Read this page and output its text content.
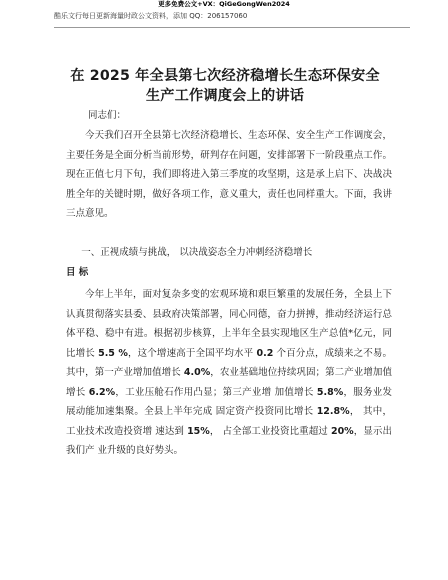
更多免费公文+VX：QiGeGongWen2024
酷乐文行每日更新海量时政公文资料，添加 QQ：206157060
在 2025 年全县第七次经济稳增长生态环保安全
生产工作调度会上的讲话

同志们：

今天我们召开全县第七次经济稳增长、生态环保、安全生产工作调度会，主要任务是全面分析当前形势，研判存在问题，安排部署下一阶段重点工作。现在正值七月下旬，我们即将进入第三季度的攻坚期，这是承上启下、决战决胜全年的关键时期，做好各项工作，意义重大，责任也同样重大。下面，我讲三点意见。

一、正视成绩与挑战， 以决战姿态全力冲刺经济稳增长
目 标

今年上半年，面对复杂多变的宏观环境和艰巨繁重的发展任务，全县上下认真贯彻落实县委、县政府决策部署，同心同德，奋力拼搏，推动经济运行总体平稳、稳中有进。根据初步核算，上半年全县实现地区生产总值*亿元，同比增长 5.5 %，这个增速高于全国平均水平 0.2 个百分点，成绩来之不易。其中，第一产业增加值增长 4.0%，农业基础地位持续巩固；第二产业增加值增长 6.2%，工业压舱石作用凸显；第三产业增 加值增长 5.8%，服务业发展动能加速集聚。全县上半年完成 固定资产投资同比增长 12.8%， 其中，工业技术改造投资增 速达到 15%， 占全部工业投资比重超过 20%，显示出我们产 业升级的良好势头。
